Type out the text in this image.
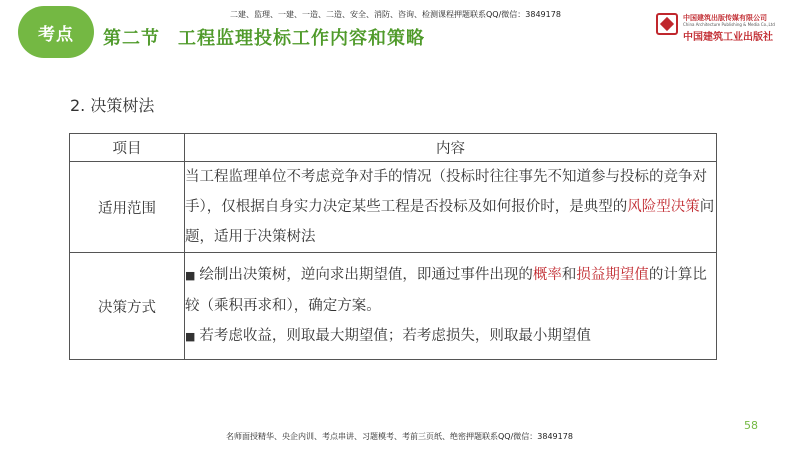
考点
二建、监理、一建、一造、二造、安全、消防、咨询、检测课程押题联系QQ/微信：3849178
第二节 工程监理投标工作内容和策略
中国建筑出版传媒有限公司
China Architecture Publishing & Media Co.,Ltd
中国建筑工业出版社
2. 决策树法
项目	内容
适用范围	当工程监理单位不考虑竞争对手的情况（投标时往往事先不知道参与投标的竞争对手），仅根据自身实力决定某些工程是否投标及如何报价时，是典型的风险型决策问题，适用于决策树法
决策方式	■ 绘制出决策树，逆向求出期望值，即通过事件出现的概率和损益期望值的计算比较（乘积再求和），确定方案。
■ 若考虑收益，则取最大期望值；若考虑损失，则取最小期望值
58
名师面授精华、央企内训、考点串讲、习题模考、考前三页纸、绝密押题联系QQ/微信：3849178
